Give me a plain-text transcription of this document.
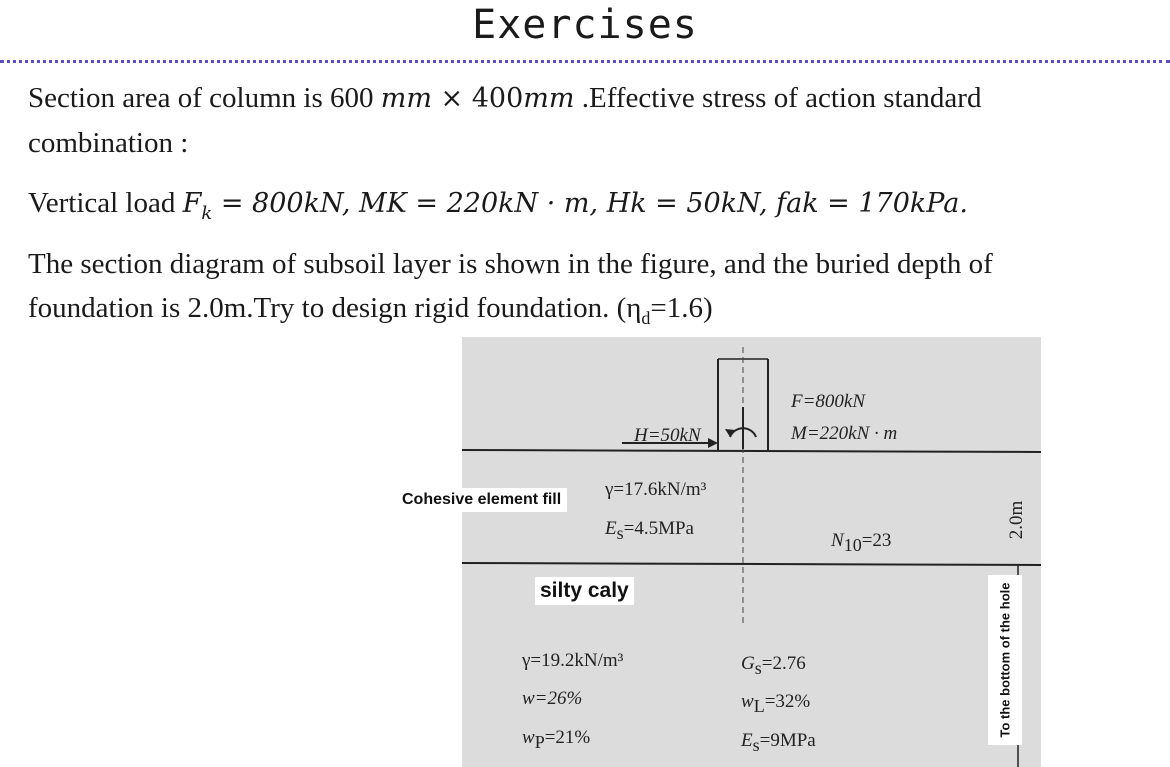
Exercises
Section area of column is 600 mm × 400mm .Effective stress of action standard
combination :
Vertical load $F_k = 800kN$, MK = 220kN · m, Hk = 50kN, fak = 170kPa.
The section diagram of subsoil layer is shown in the figure, and the buried depth of
foundation is 2.0m.Try to design rigid foundation. $(\eta_d=1.6)$
F=800kN
M=220kN · m
H=50kN
γ=17.6kN/m³
$E_s=4.5MPa$
$N_{10}=23$
γ=19.2kN/m³
w=26%
$w_P=21\%$
$G_s=2.76$
$w_L=32\%$
$E_s=9MPa$
Cohesive element fill
silty caly
2.0m
To the bottom of the hole
